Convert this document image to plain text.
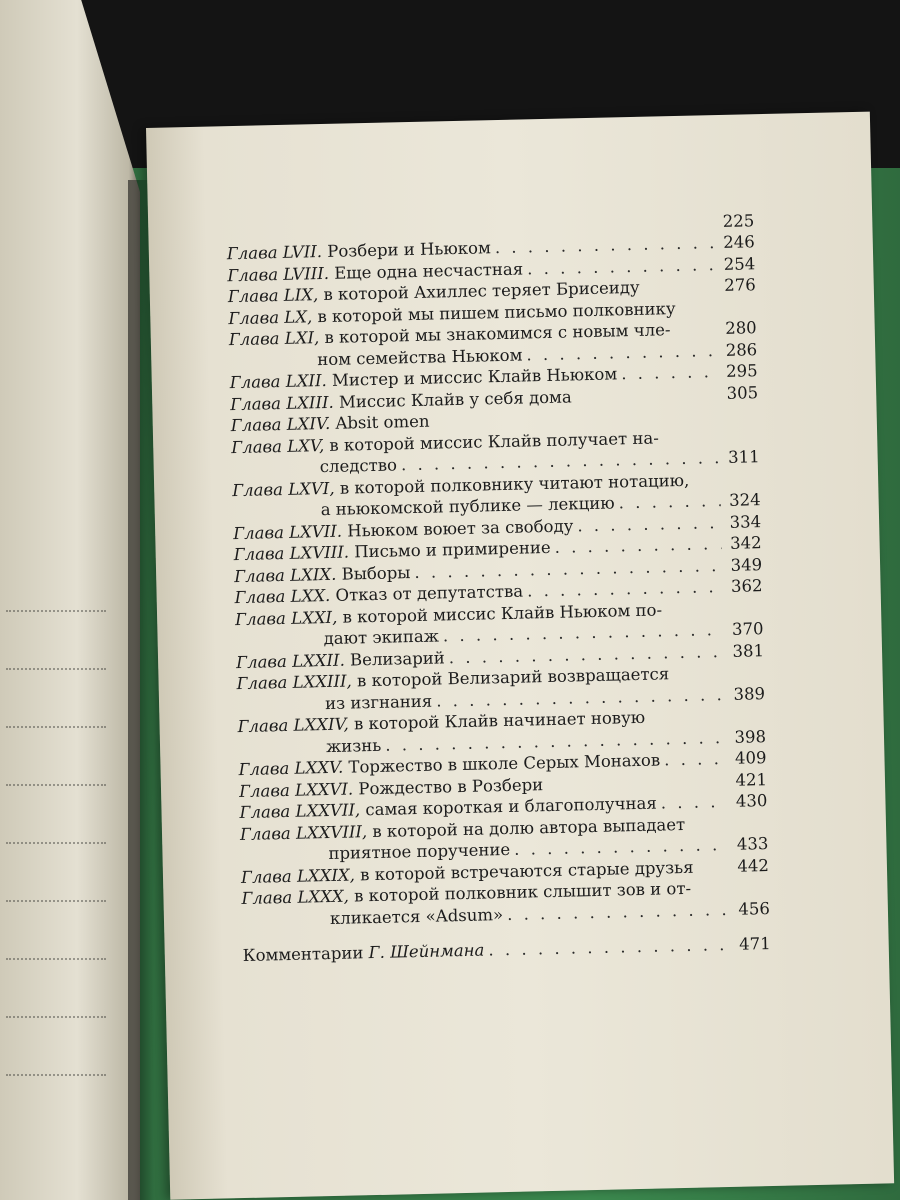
225
Глава LVII. Розбери и Ньюком . . .	246
Глава LVIII. Еще одна несчастная . . .	254
Глава LIX, в которой Ахиллес теряет Брисеиду	276
Глава LX, в которой мы пишем письмо полковнику
Глава LXI, в которой мы знакомимся с новым чле-	280
ном семейства Ньюком . . .	286
Глава LXII. Мистер и миссис Клайв Ньюком . . .	295
Глава LXIII. Миссис Клайв у себя дома	305
Глава LXIV. Absit omen
Глава LXV, в которой миссис Клайв получает на-
следство . . .	311
Глава LXVI, в которой полковнику читают нотацию,
а ньюкомской публике — лекцию . . .	324
Глава LXVII. Ньюком воюет за свободу . . .	334
Глава LXVIII. Письмо и примирение . . .	342
Глава LXIX. Выборы . . .	349
Глава LXX. Отказ от депутатства . . .	362
Глава LXXI, в которой миссис Клайв Ньюком по-
дают экипаж . . .	370
Глава LXXII. Велизарий . . .	381
Глава LXXIII, в которой Велизарий возвращается
из изгнания . . .	389
Глава LXXIV, в которой Клайв начинает новую
жизнь . . .	398
Глава LXXV. Торжество в школе Серых Монахов . . .	409
Глава LXXVI. Рождество в Розбери	421
Глава LXXVII, самая короткая и благополучная . . .	430
Глава LXXVIII, в которой на долю автора выпадает
приятное поручение . . .	433
Глава LXXIX, в которой встречаются старые друзья	442
Глава LXXX, в которой полковник слышит зов и от-
кликается «Adsum» . . .	456
Комментарии Г. Шейнмана . . .	471
